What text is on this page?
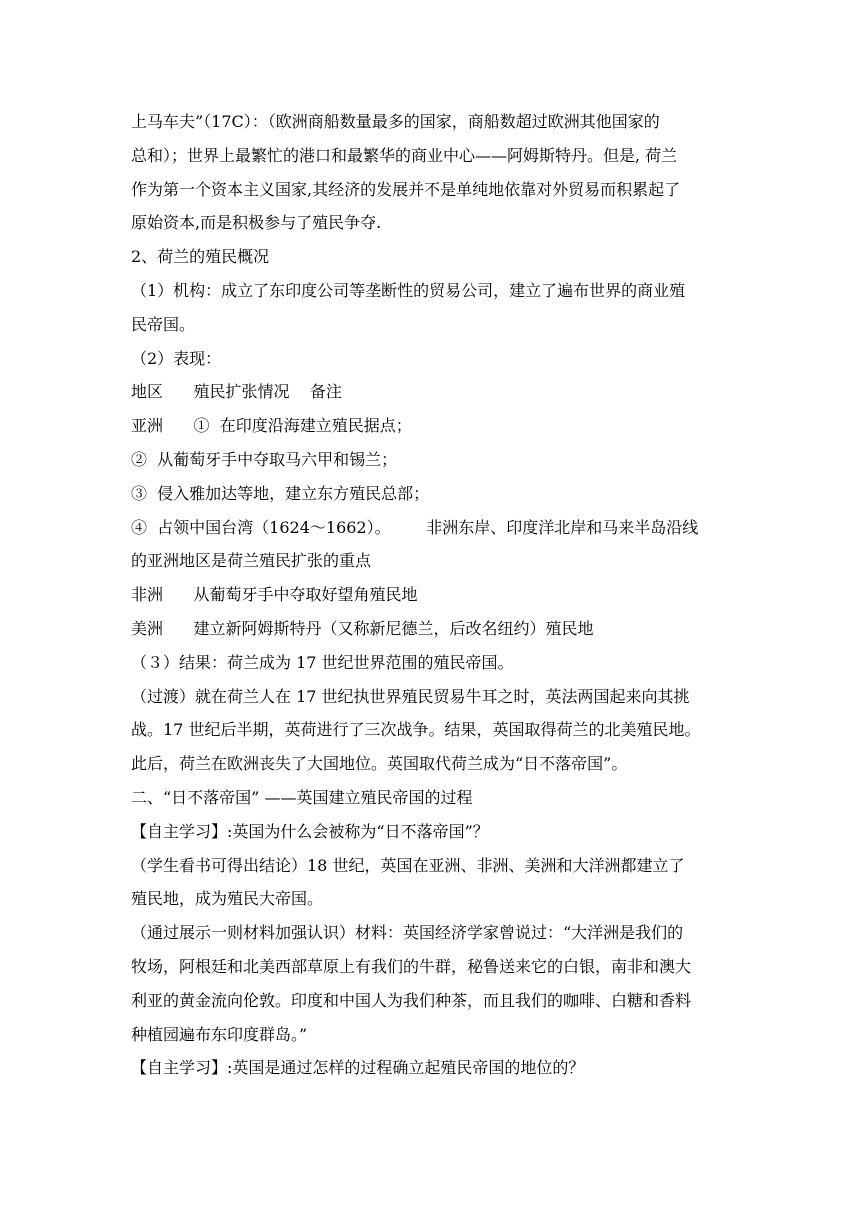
上马车夫”（17C）：（欧洲商船数量最多的国家，商船数超过欧洲其他国家的
总和）；世界上最繁忙的港口和最繁华的商业中心——阿姆斯特丹。但是, 荷兰
作为第一个资本主义国家,其经济的发展并不是单纯地依靠对外贸易而积累起了
原始资本,而是积极参与了殖民争夺.
2、荷兰的殖民概况
（1）机构：成立了东印度公司等垄断性的贸易公司，建立了遍布世界的商业殖
民帝国。
（2）表现：
地区      殖民扩张情况    备注
亚洲      ①  在印度沿海建立殖民据点；
②  从葡萄牙手中夺取马六甲和锡兰；
③  侵入雅加达等地，建立东方殖民总部；
④  占领中国台湾（1624～1662）。       非洲东岸、印度洋北岸和马来半岛沿线
的亚洲地区是荷兰殖民扩张的重点
非洲      从葡萄牙手中夺取好望角殖民地
美洲      建立新阿姆斯特丹（又称新尼德兰，后改名纽约）殖民地
（３）结果：荷兰成为 17 世纪世界范围的殖民帝国。
（过渡）就在荷兰人在 17 世纪执世界殖民贸易牛耳之时，英法两国起来向其挑
战。17 世纪后半期，英荷进行了三次战争。结果，英国取得荷兰的北美殖民地。
此后，荷兰在欧洲丧失了大国地位。英国取代荷兰成为“日不落帝国”。
二、“日不落帝国” ——英国建立殖民帝国的过程
【自主学习】:英国为什么会被称为“日不落帝国”？
（学生看书可得出结论）18 世纪，英国在亚洲、非洲、美洲和大洋洲都建立了
殖民地，成为殖民大帝国。
（通过展示一则材料加强认识）材料：英国经济学家曾说过：“大洋洲是我们的
牧场，阿根廷和北美西部草原上有我们的牛群，秘鲁送来它的白银，南非和澳大
利亚的黄金流向伦敦。印度和中国人为我们种茶，而且我们的咖啡、白糖和香料
种植园遍布东印度群岛。”
【自主学习】:英国是通过怎样的过程确立起殖民帝国的地位的？
